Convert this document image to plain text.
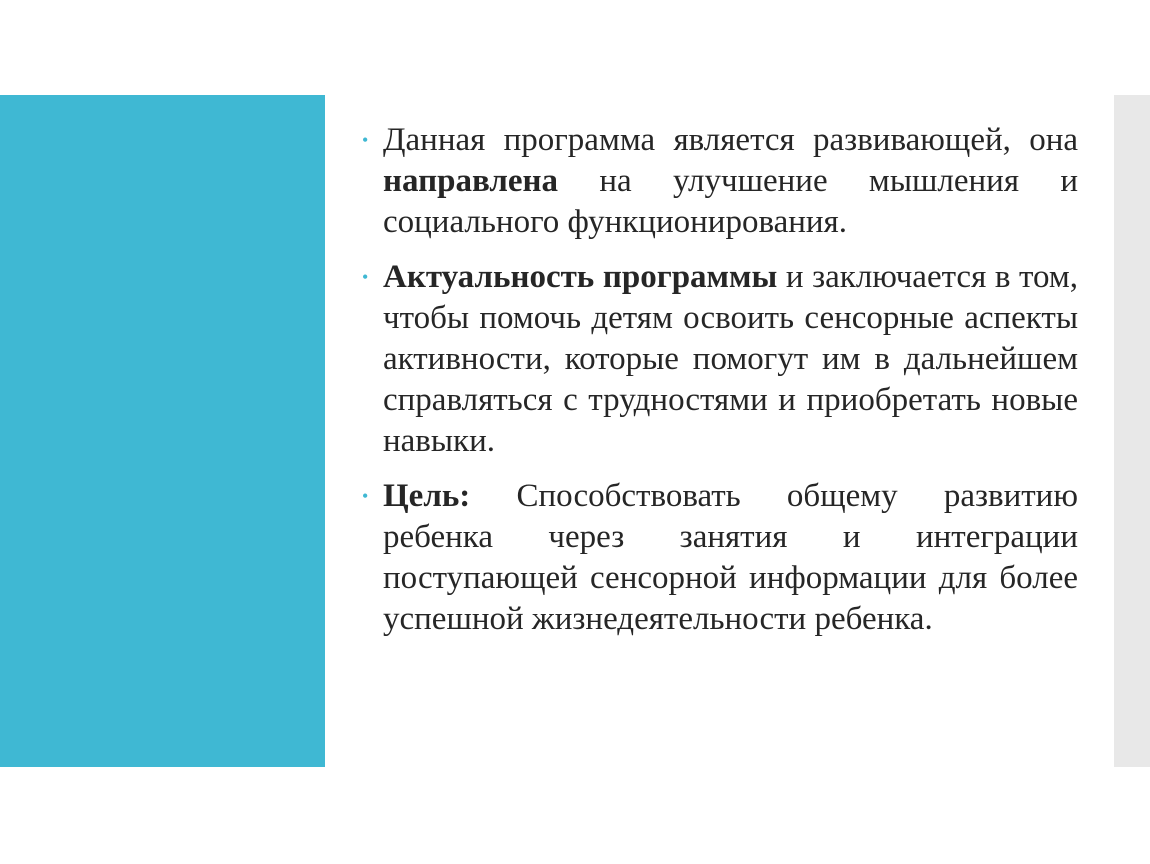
• Данная программа является развивающей, она направлена на улучшение мышления и социального функционирования.
• Актуальность программы и заключается в том, чтобы помочь детям освоить сенсорные аспекты активности, которые помогут им в дальнейшем справляться с трудностями и приобретать новые навыки.
• Цель: Способствовать общему развитию ребенка через занятия и интеграции поступающей сенсорной информации для более успешной жизнедеятельности ребенка.
